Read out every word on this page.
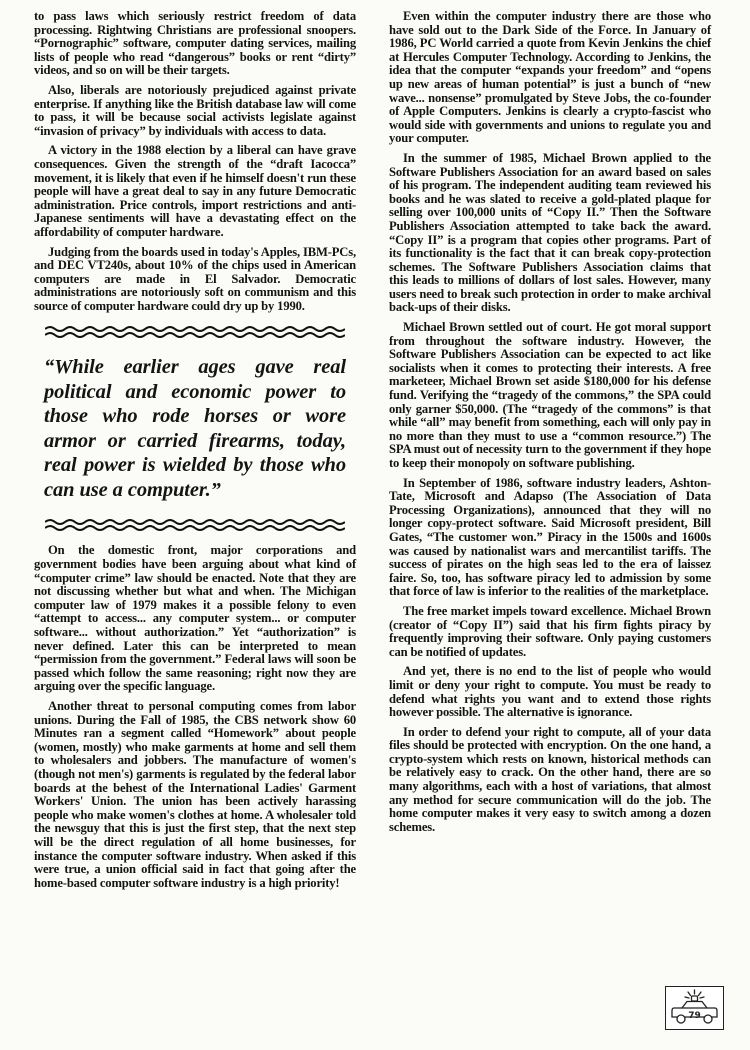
to pass laws which seriously restrict freedom of data processing. Rightwing Christians are professional snoopers. “Pornographic” software, computer dating services, mailing lists of people who read “dangerous” books or rent “dirty” videos, and so on will be their targets.

Also, liberals are notoriously prejudiced against private enterprise. If anything like the British database law will come to pass, it will be because social activists legislate against “invasion of privacy” by individuals with access to data.

A victory in the 1988 election by a liberal can have grave consequences. Given the strength of the “draft Iacocca” movement, it is likely that even if he himself doesn't run these people will have a great deal to say in any future Democratic administration. Price controls, import restrictions and anti-Japanese sentiments will have a devastating effect on the affordability of computer hardware.

Judging from the boards used in today's Apples, IBM-PCs, and DEC VT240s, about 10% of the chips used in American computers are made in El Salvador. Democratic administrations are notoriously soft on communism and this source of computer hardware could dry up by 1990.

“While earlier ages gave real political and economic power to those who rode horses or wore armor or carried firearms, today, real power is wielded by those who can use a computer.”

On the domestic front, major corporations and government bodies have been arguing about what kind of “computer crime” law should be enacted. Note that they are not discussing whether but what and when. The Michigan computer law of 1979 makes it a possible felony to even “attempt to access... any computer system... or computer software... without authorization.” Yet “authorization” is never defined. Later this can be interpreted to mean “permission from the government.” Federal laws will soon be passed which follow the same reasoning; right now they are arguing over the specific language.

Another threat to personal computing comes from labor unions. During the Fall of 1985, the CBS network show 60 Minutes ran a segment called “Homework” about people (women, mostly) who make garments at home and sell them to wholesalers and jobbers. The manufacture of women's (though not men's) garments is regulated by the federal labor boards at the behest of the International Ladies' Garment Workers' Union. The union has been actively harassing people who make women's clothes at home. A wholesaler told the newsguy that this is just the first step, that the next step will be the direct regulation of all home businesses, for instance the computer software industry. When asked if this were true, a union official said in fact that going after the home-based computer software industry is a high priority!

Even within the computer industry there are those who have sold out to the Dark Side of the Force. In January of 1986, PC World carried a quote from Kevin Jenkins the chief at Hercules Computer Technology. According to Jenkins, the idea that the computer “expands your freedom” and “opens up new areas of human potential” is just a bunch of “new wave... nonsense” promulgated by Steve Jobs, the co-founder of Apple Computers. Jenkins is clearly a crypto-fascist who would side with governments and unions to regulate you and your computer.

In the summer of 1985, Michael Brown applied to the Software Publishers Association for an award based on sales of his program. The independent auditing team reviewed his books and he was slated to receive a gold-plated plaque for selling over 100,000 units of “Copy II.” Then the Software Publishers Association attempted to take back the award. “Copy II” is a program that copies other programs. Part of its functionality is the fact that it can break copy-protection schemes. The Software Publishers Association claims that this leads to millions of dollars of lost sales. However, many users need to break such protection in order to make archival back-ups of their disks.

Michael Brown settled out of court. He got moral support from throughout the software industry. However, the Software Publishers Association can be expected to act like socialists when it comes to protecting their interests. A free marketeer, Michael Brown set aside $180,000 for his defense fund. Verifying the “tragedy of the commons,” the SPA could only garner $50,000. (The “tragedy of the commons” is that while “all” may benefit from something, each will only pay in no more than they must to use a “common resource.”) The SPA must out of necessity turn to the government if they hope to keep their monopoly on software publishing.

In September of 1986, software industry leaders, Ashton-Tate, Microsoft and Adapso (The Association of Data Processing Organizations), announced that they will no longer copy-protect software. Said Microsoft president, Bill Gates, “The customer won.” Piracy in the 1500s and 1600s was caused by nationalist wars and mercantilist tariffs. The success of pirates on the high seas led to the era of laissez faire. So, too, has software piracy led to admission by some that force of law is inferior to the realities of the marketplace.

The free market impels toward excellence. Michael Brown (creator of “Copy II”) said that his firm fights piracy by frequently improving their software. Only paying customers can be notified of updates.

And yet, there is no end to the list of people who would limit or deny your right to compute. You must be ready to defend what rights you want and to extend those rights however possible. The alternative is ignorance.

In order to defend your right to compute, all of your data files should be protected with encryption. On the one hand, a crypto-system which rests on known, historical methods can be relatively easy to crack. On the other hand, there are so many algorithms, each with a host of variations, that almost any method for secure communication will do the job. The home computer makes it very easy to switch among a dozen schemes.

79
